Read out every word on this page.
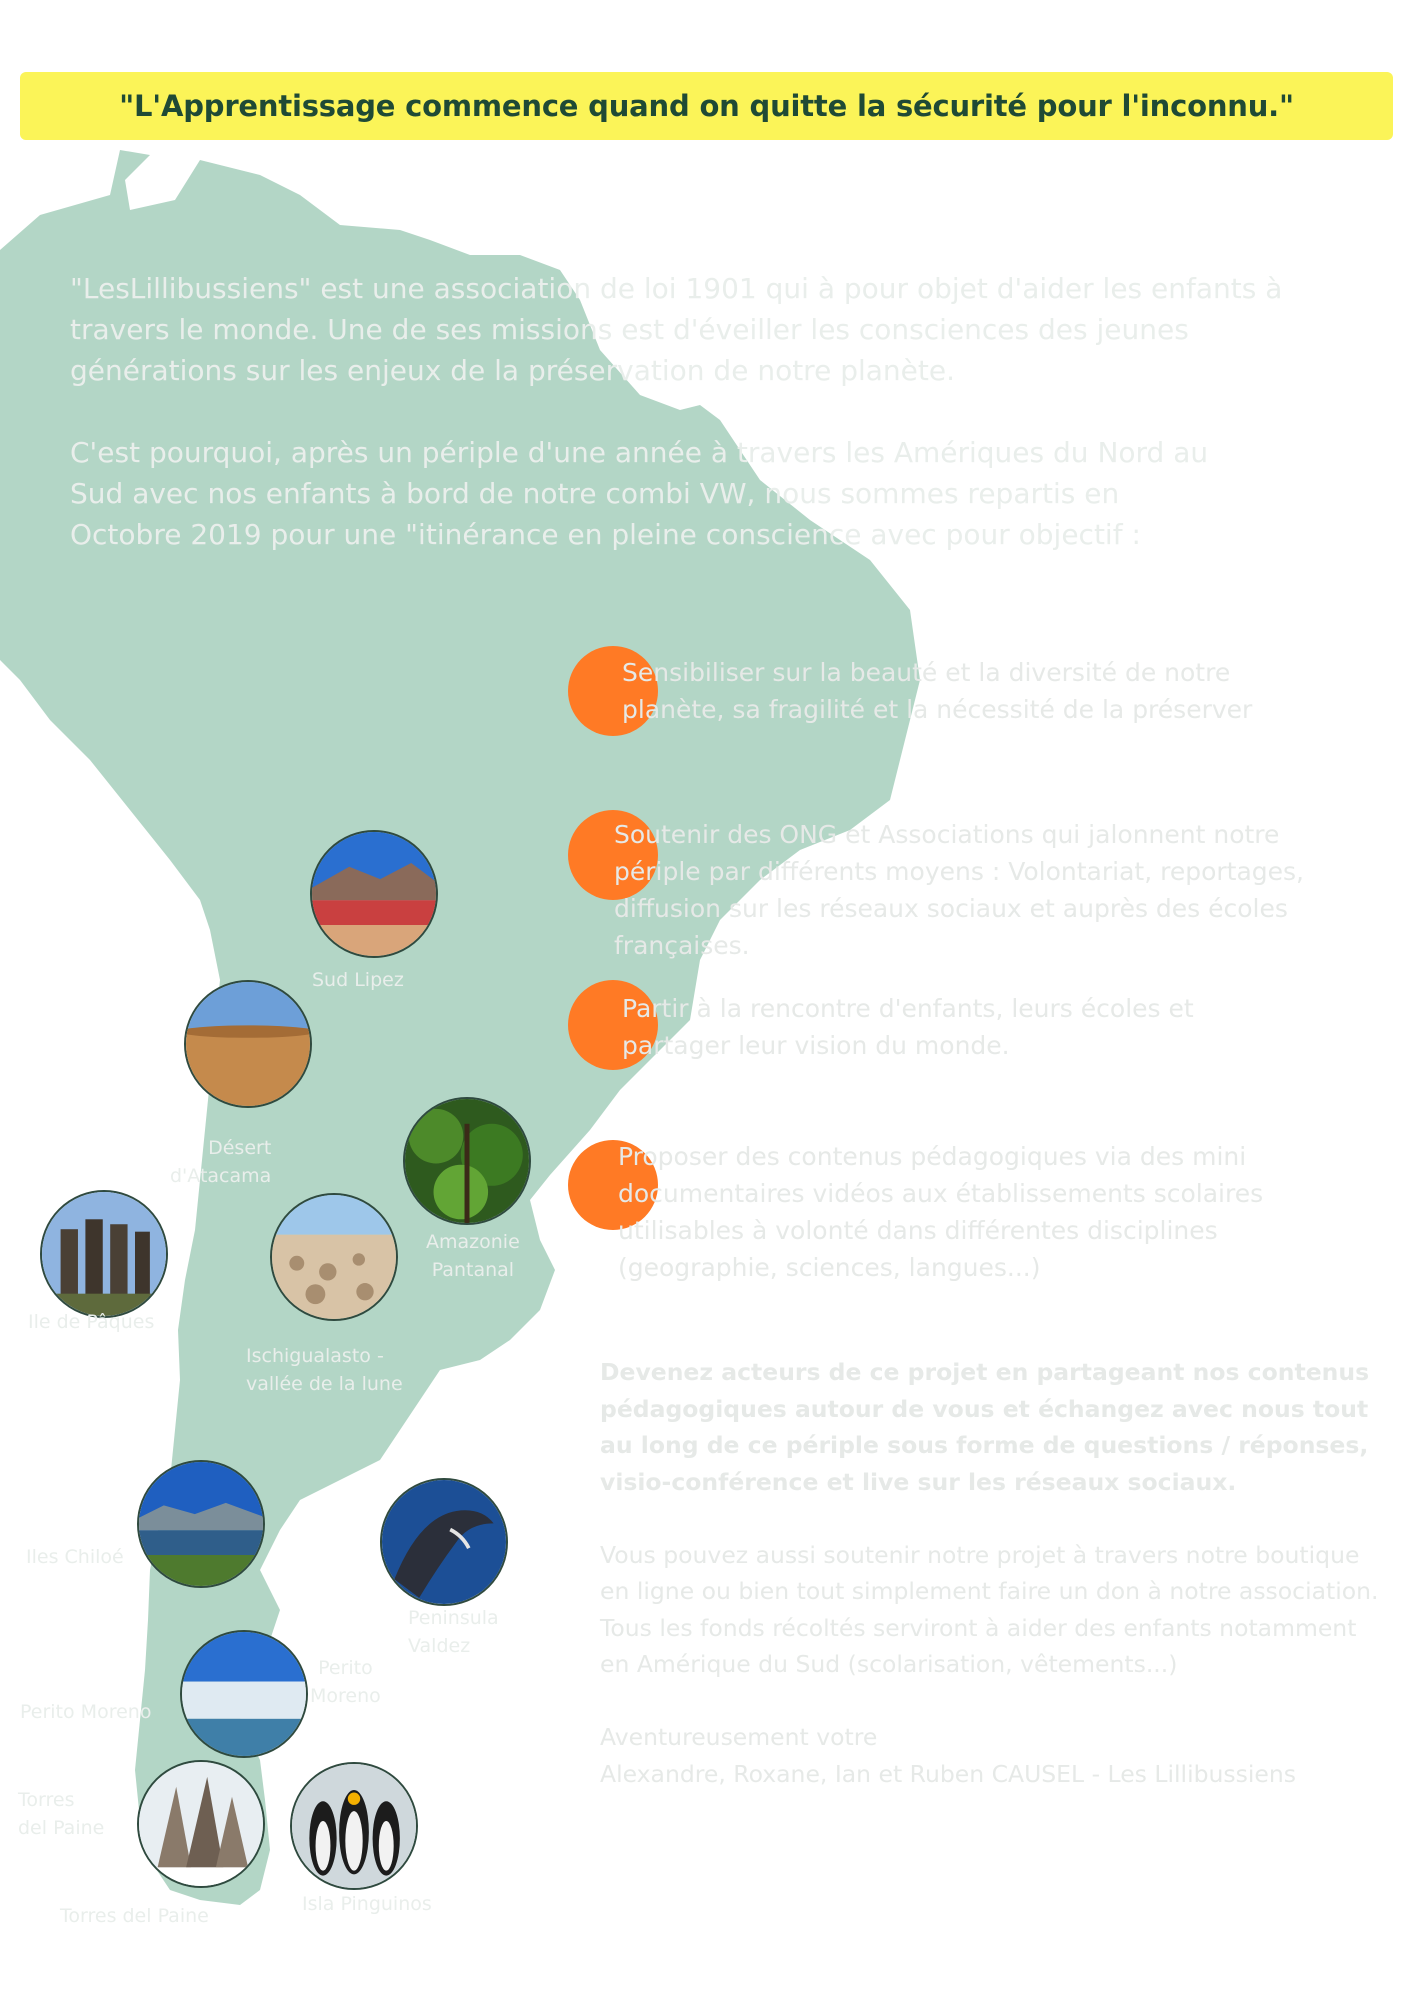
"L'Apprentissage commence quand on quitte la sécurité pour l'inconnu."

"LesLillibussiens" est une association de loi 1901 qui à pour objet d'aider les enfants à travers le monde. Une de ses missions est d'éveiller les consciences des jeunes générations sur les enjeux de la préservation de notre planète.

C'est pourquoi, après un périple d'une année à travers les Amériques du Nord au Sud avec nos enfants à bord de notre combi VW, nous sommes repartis en Octobre 2019 pour une "itinérance en pleine conscience avec pour objectif :

Sensibiliser sur la beauté et la diversité de notre planète, sa fragilité et la nécessité de la préserver
Soutenir des ONG et Associations qui jalonnent notre périple par différents moyens : Volontariat, reportages, diffusion sur les réseaux sociaux et auprès des écoles françaises.
Partir à la rencontre d'enfants, leurs écoles et partager leur vision du monde.
Proposer des contenus pédagogiques via des mini documentaires vidéos aux établissements scolaires utilisables à volonté dans différentes disciplines (geographie, sciences, langues...)
Sud Lipez
Désert
d'Atacama
Amazonie
Pantanal
Ile de Pâques
Ischigualasto -
vallée de la lune
Iles Chiloé
Peninsula
Valdez
Perito
Moreno
Perito Moreno
Torres
del Paine
Torres del Paine
Isla Pinguinos

Devenez acteurs de ce projet en partageant nos contenus pédagogiques autour de vous et échangez avec nous tout au long de ce périple sous forme de questions / réponses, visio-conférence et live sur les réseaux sociaux.

Vous pouvez aussi soutenir notre projet à travers notre boutique en ligne ou bien tout simplement faire un don à notre association.
Tous les fonds récoltés serviront à aider des enfants notamment en Amérique du Sud (scolarisation, vêtements...)

Aventureusement votre
Alexandre, Roxane, Ian et Ruben CAUSEL - Les Lillibussiens
